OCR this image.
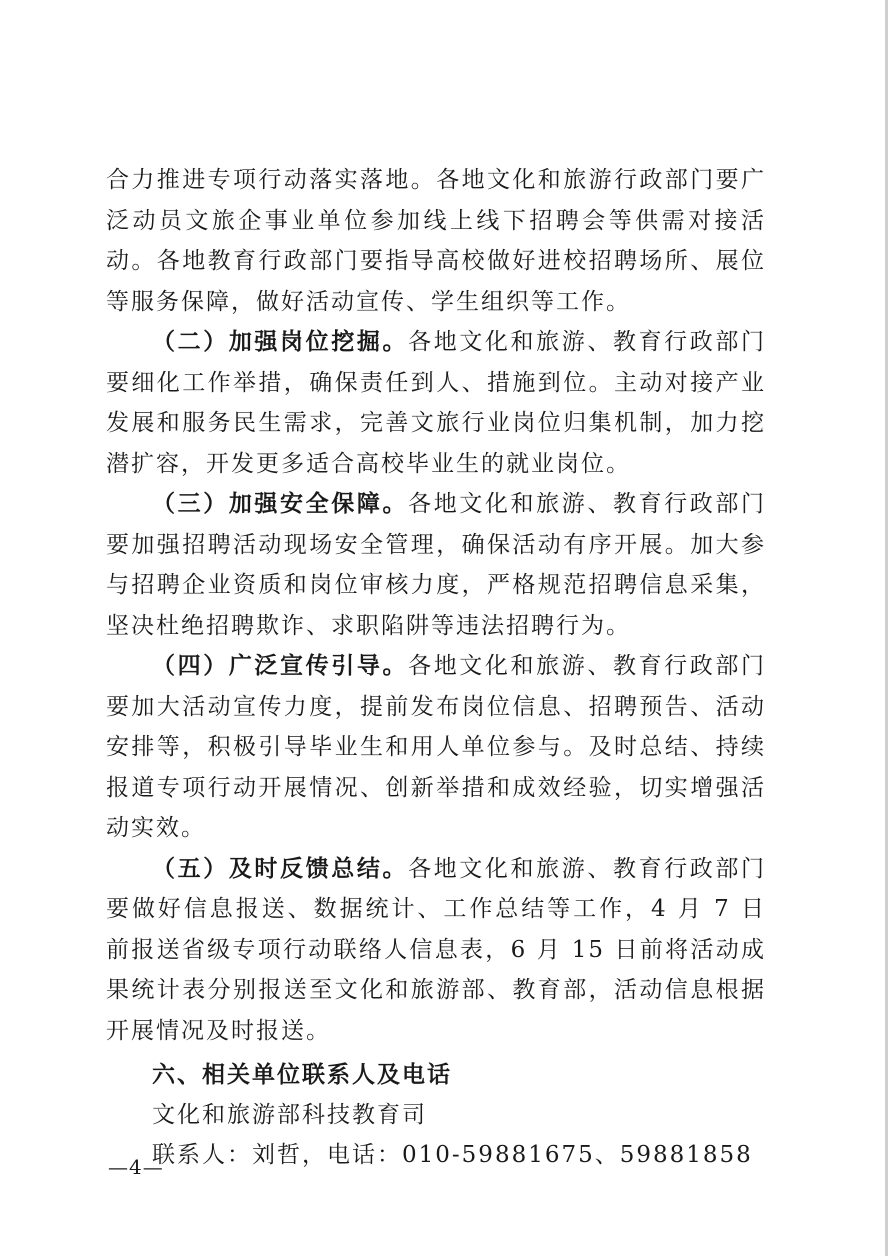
合力推进专项行动落实落地。各地文化和旅游行政部门要广泛动员文旅企事业单位参加线上线下招聘会等供需对接活动。各地教育行政部门要指导高校做好进校招聘场所、展位等服务保障，做好活动宣传、学生组织等工作。

（二）加强岗位挖掘。各地文化和旅游、教育行政部门要细化工作举措，确保责任到人、措施到位。主动对接产业发展和服务民生需求，完善文旅行业岗位归集机制，加力挖潜扩容，开发更多适合高校毕业生的就业岗位。

（三）加强安全保障。各地文化和旅游、教育行政部门要加强招聘活动现场安全管理，确保活动有序开展。加大参与招聘企业资质和岗位审核力度，严格规范招聘信息采集，坚决杜绝招聘欺诈、求职陷阱等违法招聘行为。

（四）广泛宣传引导。各地文化和旅游、教育行政部门要加大活动宣传力度，提前发布岗位信息、招聘预告、活动安排等，积极引导毕业生和用人单位参与。及时总结、持续报道专项行动开展情况、创新举措和成效经验，切实增强活动实效。

（五）及时反馈总结。各地文化和旅游、教育行政部门要做好信息报送、数据统计、工作总结等工作，4 月 7 日前报送省级专项行动联络人信息表，6 月 15 日前将活动成果统计表分别报送至文化和旅游部、教育部，活动信息根据开展情况及时报送。

六、相关单位联系人及电话

文化和旅游部科技教育司

联系人：刘哲，电话：010-59881675、59881858

—4—
